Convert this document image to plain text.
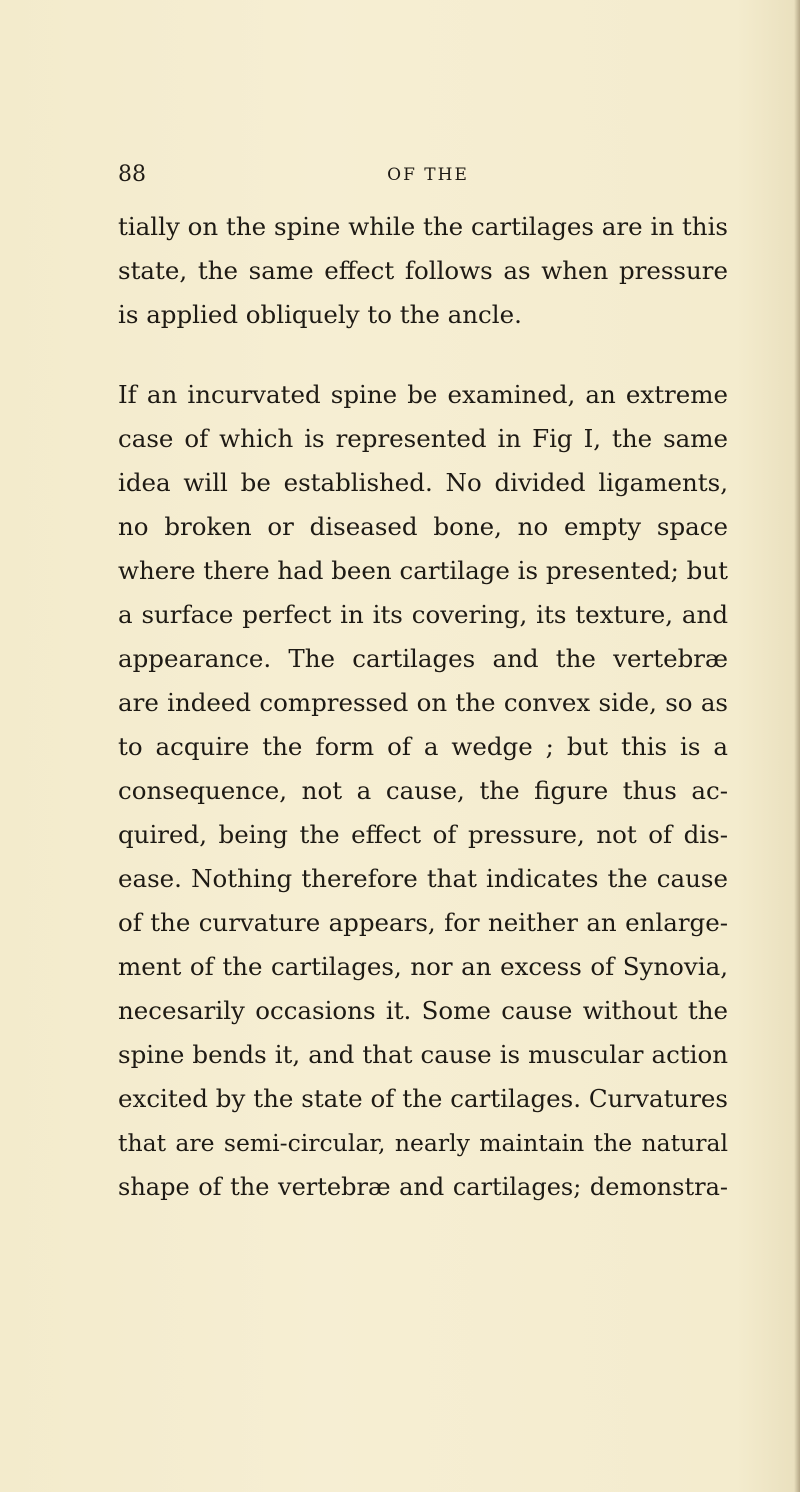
88	OF THE
tially on the spine while the cartilages are in this
state, the same effect follows as when pressure
is applied obliquely to the ancle.
If an incurvated spine be examined, an extreme
case of which is represented in Fig I, the same
idea will be established. No divided ligaments,
no broken or diseased bone, no empty space
where there had been cartilage is presented; but
a surface perfect in its covering, its texture, and
appearance. The cartilages and the vertebræ
are indeed compressed on the convex side, so as
to acquire the form of a wedge ; but this is a
consequence, not a cause, the figure thus ac-
quired, being the effect of pressure, not of dis-
ease. Nothing therefore that indicates the cause
of the curvature appears, for neither an enlarge-
ment of the cartilages, nor an excess of Synovia,
necesarily occasions it. Some cause without the
spine bends it, and that cause is muscular action
excited by the state of the cartilages. Curvatures
that are semi-circular, nearly maintain the natural
shape of the vertebræ and cartilages; demonstra-
